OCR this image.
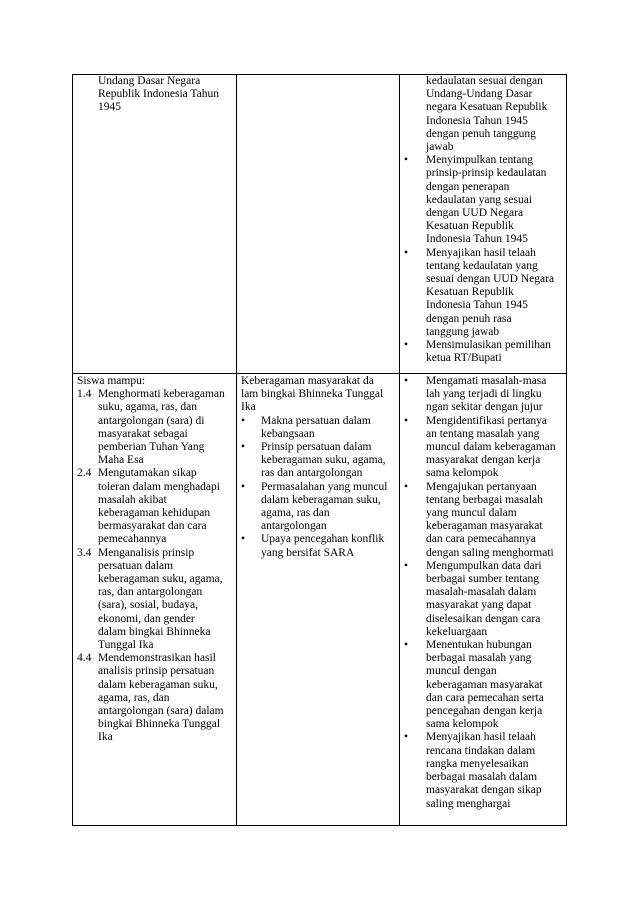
Undang Dasar Negara
Republik Indonesia Tahun
1945
kedaulatan sesuai dengan
Undang-Undang Dasar
negara Kesatuan Republik
Indonesia Tahun 1945
dengan penuh tanggung
jawab
• Menyimpulkan tentang
prinsip-prinsip kedaulatan
dengan penerapan
kedaulatan yang sesuai
dengan UUD Negara
Kesatuan Republik
Indonesia Tahun 1945
• Menyajikan hasil telaah
tentang kedaulatan yang
sesuai dengan UUD Negara
Kesatuan Republik
Indonesia Tahun 1945
dengan penuh rasa
tanggung jawab
• Mensimulasikan pemilihan
ketua RT/Bupati
Siswa mampu:
1.4 Menghormati keberagaman
suku, agama, ras, dan
antargolongan (sara) di
masyarakat sebagai
pemberian Tuhan Yang
Maha Esa
2.4 Mengutamakan sikap
toleran dalam menghadapi
masalah akibat
keberagaman kehidupan
bermasyarakat dan cara
pemecahannya
3.4 Menganalisis prinsip
persatuan dalam
keberagaman suku, agama,
ras, dan antargolongan
(sara), sosial, budaya,
ekonomi, dan gender
dalam bingkai Bhinneka
Tunggal Ika
4.4 Mendemonstrasikan hasil
analisis prinsip persatuan
dalam keberagaman suku,
agama, ras, dan
antargolongan (sara) dalam
bingkai Bhinneka Tunggal
Ika
Keberagaman masyarakat da
lam bingkai Bhinneka Tunggal
Ika
• Makna persatuan dalam
kebangsaan
• Prinsip persatuan dalam
keberagaman suku, agama,
ras dan antargolongan
• Permasalahan yang muncul
dalam keberagaman suku,
agama, ras dan
antargolongan
• Upaya pencegahan konflik
yang bersifat SARA
• Mengamati masalah-masa
lah yang terjadi di lingku
ngan sekitar dengan jujur
• Mengidentifikasi pertanya
an tentang masalah yang
muncul dalam keberagaman
masyarakat dengan kerja
sama kelompok
• Mengajukan pertanyaan
tentang berbagai masalah
yang muncul dalam
keberagaman masyarakat
dan cara pemecahannya
dengan saling menghormati
• Mengumpulkan data dari
berbagai sumber tentang
masalah-masalah dalam
masyarakat yang dapat
diselesaikan dengan cara
kekeluargaan
• Menentukan hubungan
berbagai masalah yang
muncul dengan
keberagaman masyarakat
dan cara pemecahan serta
pencegahan dengan kerja
sama kelompok
• Menyajikan hasil telaah
rencana tindakan dalam
rangka menyelesaikan
berbagai masalah dalam
masyarakat dengan sikap
saling menghargai
